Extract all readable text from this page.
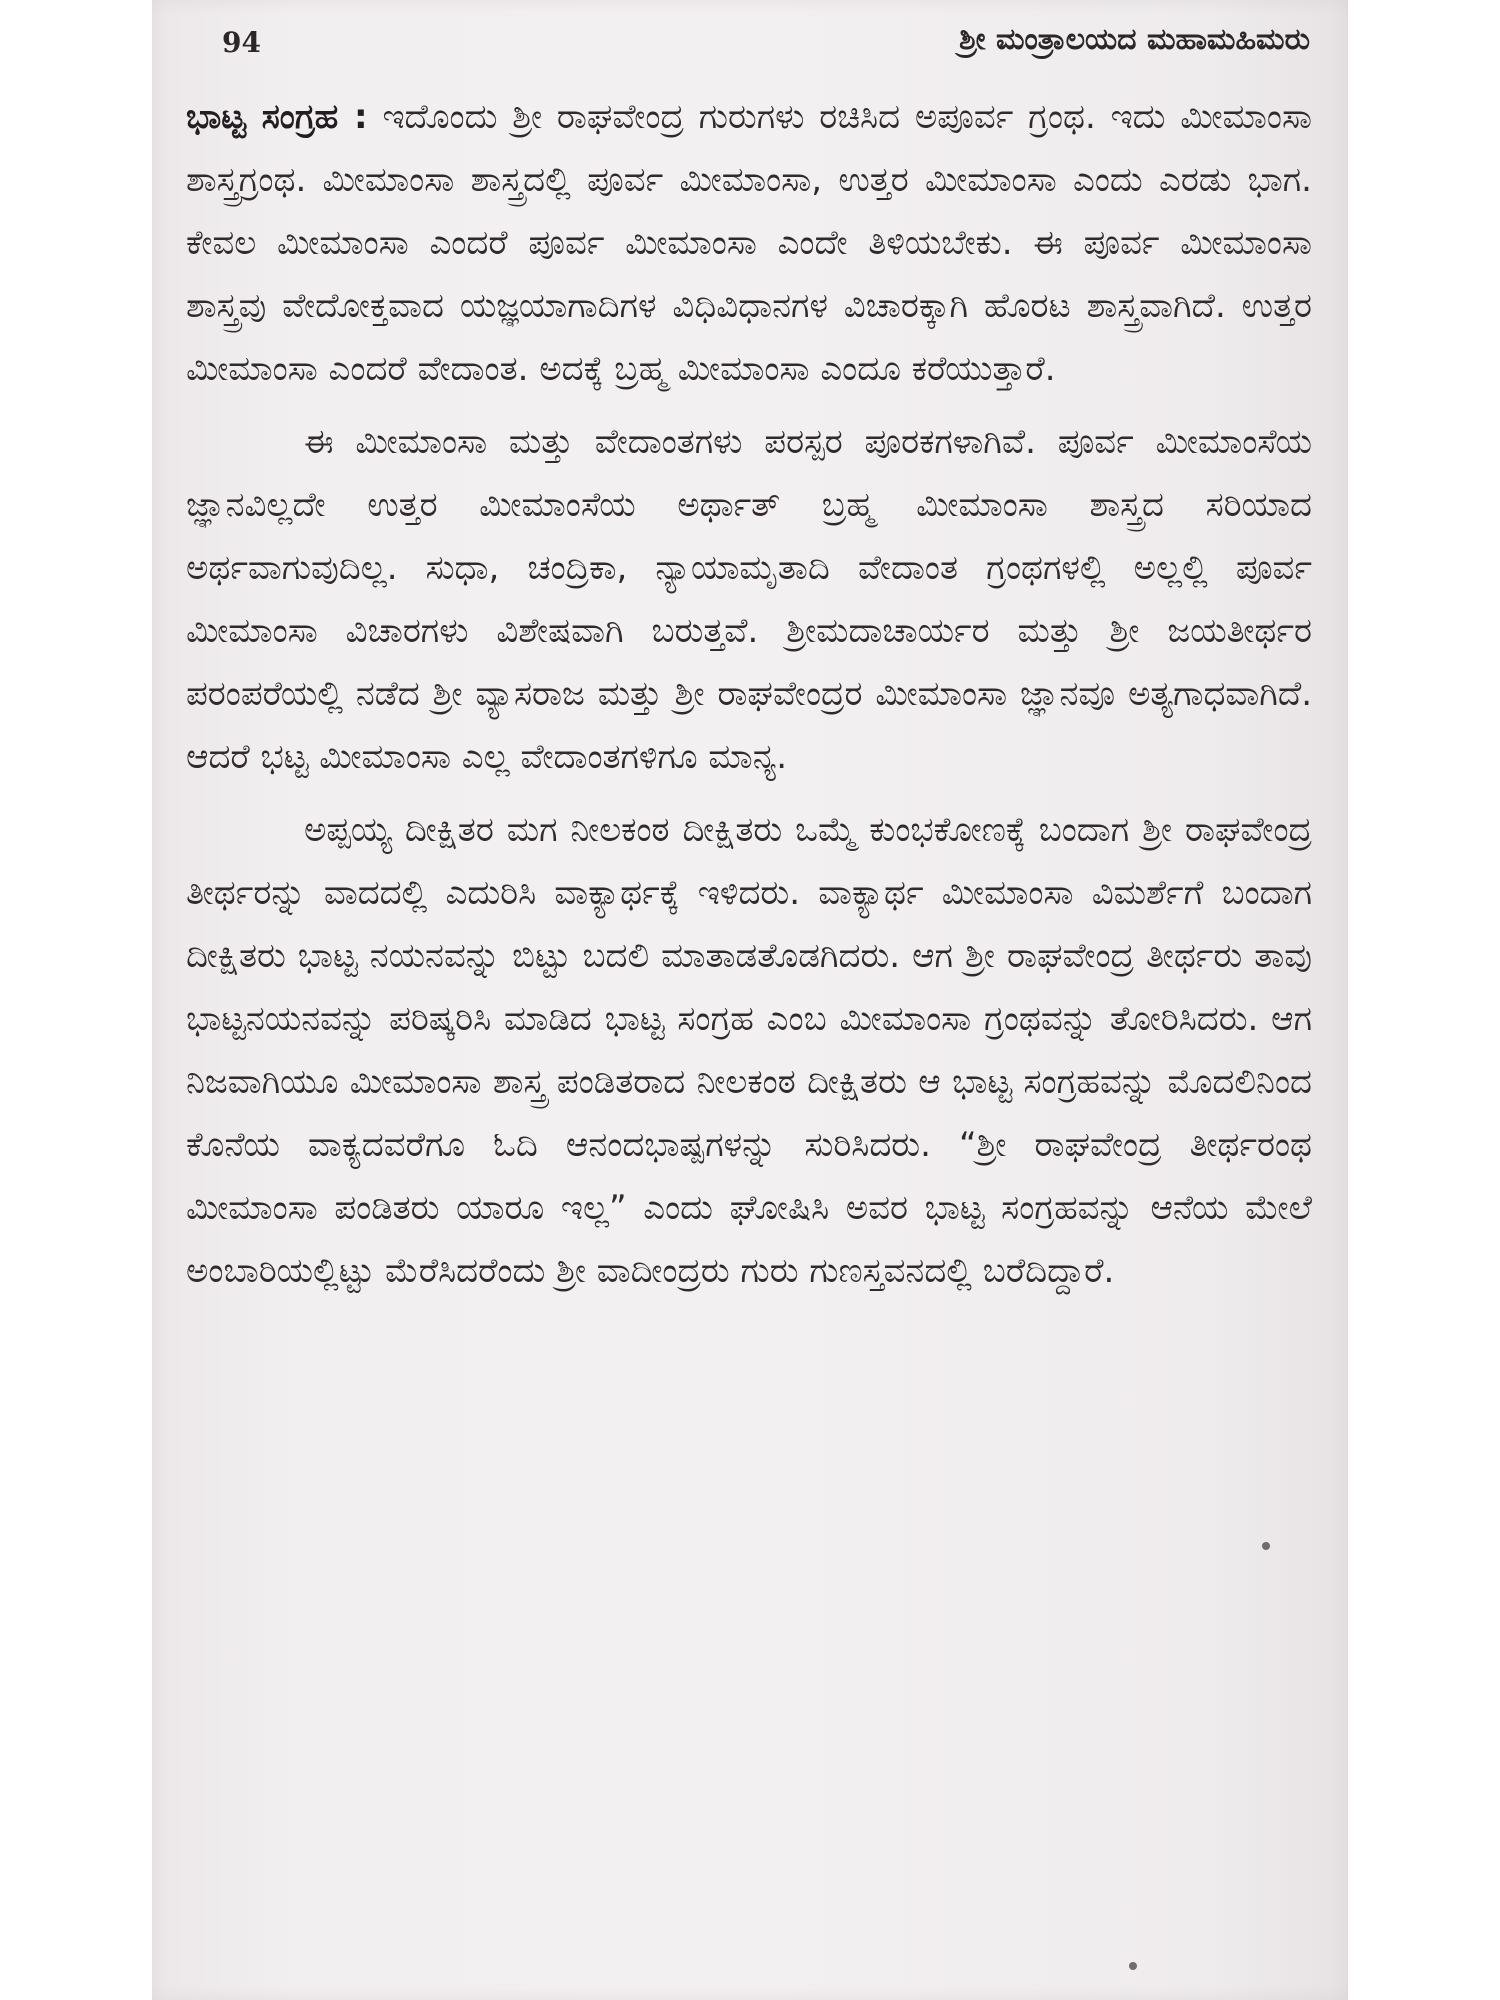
94	ಶ್ರೀ ಮಂತ್ರಾಲಯದ ಮಹಾಮಹಿಮರು

ಭಾಟ್ಟ ಸಂಗ್ರಹ : ಇದೊಂದು ಶ್ರೀ ರಾಘವೇಂದ್ರ ಗುರುಗಳು ರಚಿಸಿದ ಅಪೂರ್ವ ಗ್ರಂಥ. ಇದು ಮೀಮಾಂಸಾ ಶಾಸ್ತ್ರಗ್ರಂಥ. ಮೀಮಾಂಸಾ ಶಾಸ್ತ್ರದಲ್ಲಿ ಪೂರ್ವ ಮೀಮಾಂಸಾ, ಉತ್ತರ ಮೀಮಾಂಸಾ ಎಂದು ಎರಡು ಭಾಗ. ಕೇವಲ ಮೀಮಾಂಸಾ ಎಂದರೆ ಪೂರ್ವ ಮೀಮಾಂಸಾ ಎಂದೇ ತಿಳಿಯಬೇಕು. ಈ ಪೂರ್ವ ಮೀಮಾಂಸಾ ಶಾಸ್ತ್ರವು ವೇದೋಕ್ತವಾದ ಯಜ್ಞಯಾಗಾದಿಗಳ ವಿಧಿವಿಧಾನಗಳ ವಿಚಾರಕ್ಕಾಗಿ ಹೊರಟ ಶಾಸ್ತ್ರವಾಗಿದೆ. ಉತ್ತರ ಮೀಮಾಂಸಾ ಎಂದರೆ ವೇದಾಂತ. ಅದಕ್ಕೆ ಬ್ರಹ್ಮ ಮೀಮಾಂಸಾ ಎಂದೂ ಕರೆಯುತ್ತಾರೆ.

ಈ ಮೀಮಾಂಸಾ ಮತ್ತು ವೇದಾಂತಗಳು ಪರಸ್ಪರ ಪೂರಕಗಳಾಗಿವೆ. ಪೂರ್ವ ಮೀಮಾಂಸೆಯ ಜ್ಞಾನವಿಲ್ಲದೇ ಉತ್ತರ ಮೀಮಾಂಸೆಯ ಅರ್ಥಾತ್ ಬ್ರಹ್ಮ ಮೀಮಾಂಸಾ ಶಾಸ್ತ್ರದ ಸರಿಯಾದ ಅರ್ಥವಾಗುವುದಿಲ್ಲ. ಸುಧಾ, ಚಂದ್ರಿಕಾ, ನ್ಯಾಯಾಮೃತಾದಿ ವೇದಾಂತ ಗ್ರಂಥಗಳಲ್ಲಿ ಅಲ್ಲಲ್ಲಿ ಪೂರ್ವ ಮೀಮಾಂಸಾ ವಿಚಾರಗಳು ವಿಶೇಷವಾಗಿ ಬರುತ್ತವೆ. ಶ್ರೀಮದಾಚಾರ್ಯರ ಮತ್ತು ಶ್ರೀ ಜಯತೀರ್ಥರ ಪರಂಪರೆಯಲ್ಲಿ ನಡೆದ ಶ್ರೀ ವ್ಯಾಸರಾಜ ಮತ್ತು ಶ್ರೀ ರಾಘವೇಂದ್ರರ ಮೀಮಾಂಸಾ ಜ್ಞಾನವೂ ಅತ್ಯಗಾಧವಾಗಿದೆ. ಆದರೆ ಭಟ್ಟ ಮೀಮಾಂಸಾ ಎಲ್ಲ ವೇದಾಂತಗಳಿಗೂ ಮಾನ್ಯ.

ಅಪ್ಪಯ್ಯ ದೀಕ್ಷಿತರ ಮಗ ನೀಲಕಂಠ ದೀಕ್ಷಿತರು ಒಮ್ಮೆ ಕುಂಭಕೋಣಕ್ಕೆ ಬಂದಾಗ ಶ್ರೀ ರಾಘವೇಂದ್ರ ತೀರ್ಥರನ್ನು ವಾದದಲ್ಲಿ ಎದುರಿಸಿ ವಾಕ್ಯಾರ್ಥಕ್ಕೆ ಇಳಿದರು. ವಾಕ್ಯಾರ್ಥ ಮೀಮಾಂಸಾ ವಿಮರ್ಶೆಗೆ ಬಂದಾಗ ದೀಕ್ಷಿತರು ಭಾಟ್ಟ ನಯನವನ್ನು ಬಿಟ್ಟು ಬದಲಿ ಮಾತಾಡತೊಡಗಿದರು. ಆಗ ಶ್ರೀ ರಾಘವೇಂದ್ರ ತೀರ್ಥರು ತಾವು ಭಾಟ್ಟನಯನವನ್ನು ಪರಿಷ್ಕರಿಸಿ ಮಾಡಿದ ಭಾಟ್ಟ ಸಂಗ್ರಹ ಎಂಬ ಮೀಮಾಂಸಾ ಗ್ರಂಥವನ್ನು ತೋರಿಸಿದರು. ಆಗ ನಿಜವಾಗಿಯೂ ಮೀಮಾಂಸಾ ಶಾಸ್ತ್ರ ಪಂಡಿತರಾದ ನೀಲಕಂಠ ದೀಕ್ಷಿತರು ಆ ಭಾಟ್ಟ ಸಂಗ್ರಹವನ್ನು ಮೊದಲಿನಿಂದ ಕೊನೆಯ ವಾಕ್ಯದವರೆಗೂ ಓದಿ ಆನಂದಭಾಷ್ಪಗಳನ್ನು ಸುರಿಸಿದರು. “ಶ್ರೀ ರಾಘವೇಂದ್ರ ತೀರ್ಥರಂಥ ಮೀಮಾಂಸಾ ಪಂಡಿತರು ಯಾರೂ ಇಲ್ಲ” ಎಂದು ಘೋಷಿಸಿ ಅವರ ಭಾಟ್ಟ ಸಂಗ್ರಹವನ್ನು ಆನೆಯ ಮೇಲೆ ಅಂಬಾರಿಯಲ್ಲಿಟ್ಟು ಮೆರೆಸಿದರೆಂದು ಶ್ರೀ ವಾದೀಂದ್ರರು ಗುರು ಗುಣಸ್ತವನದಲ್ಲಿ ಬರೆದಿದ್ದಾರೆ.
